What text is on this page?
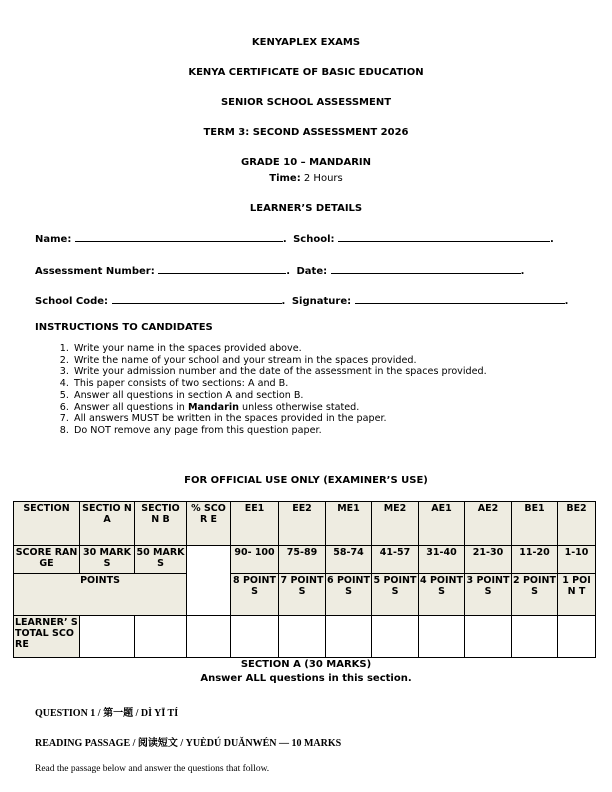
KENYAPLEX EXAMS
KENYA CERTIFICATE OF BASIC EDUCATION
SENIOR SCHOOL ASSESSMENT
TERM 3: SECOND ASSESSMENT 2026
GRADE 10 – MANDARIN
Time: 2 Hours
LEARNER’S DETAILS
Name:	. School:	.
Assessment Number:	. Date:	.
School Code:	. Signature:	.
INSTRUCTIONS TO CANDIDATES
1. Write your name in the spaces provided above.
2. Write the name of your school and your stream in the spaces provided.
3. Write your admission number and the date of the assessment in the spaces provided.
4. This paper consists of two sections: A and B.
5. Answer all questions in section A and section B.
6. Answer all questions in Mandarin unless otherwise stated.
7. All answers MUST be written in the spaces provided in the paper.
8. Do NOT remove any page from this question paper.
FOR OFFICIAL USE ONLY (EXAMINER’S USE)
SECTION	SECTIO N A	SECTIO N B	% SCOR E	EE1	EE2	ME1	ME2	AE1	AE2	BE1	BE2
SCORE RANGE	30 MARKS	50 MARKS		90- 100	75-89	58-74	41-57	31-40	21-30	11-20	1-10
POINTS				8 POINT S	7 POINT S	6 POINT S	5 POINT S	4 POINT S	3 POINT S	2 POINT S	1 POIN T
LEARNER’ S TOTAL SCORE											
SECTION A (30 MARKS)
Answer ALL questions in this section.
QUESTION 1 / 第一题 / DÌ YĪ TÍ
READING PASSAGE / 阅读短文 / YUÈDÚ DUǍNWÉN — 10 MARKS
Read the passage below and answer the questions that follow.
